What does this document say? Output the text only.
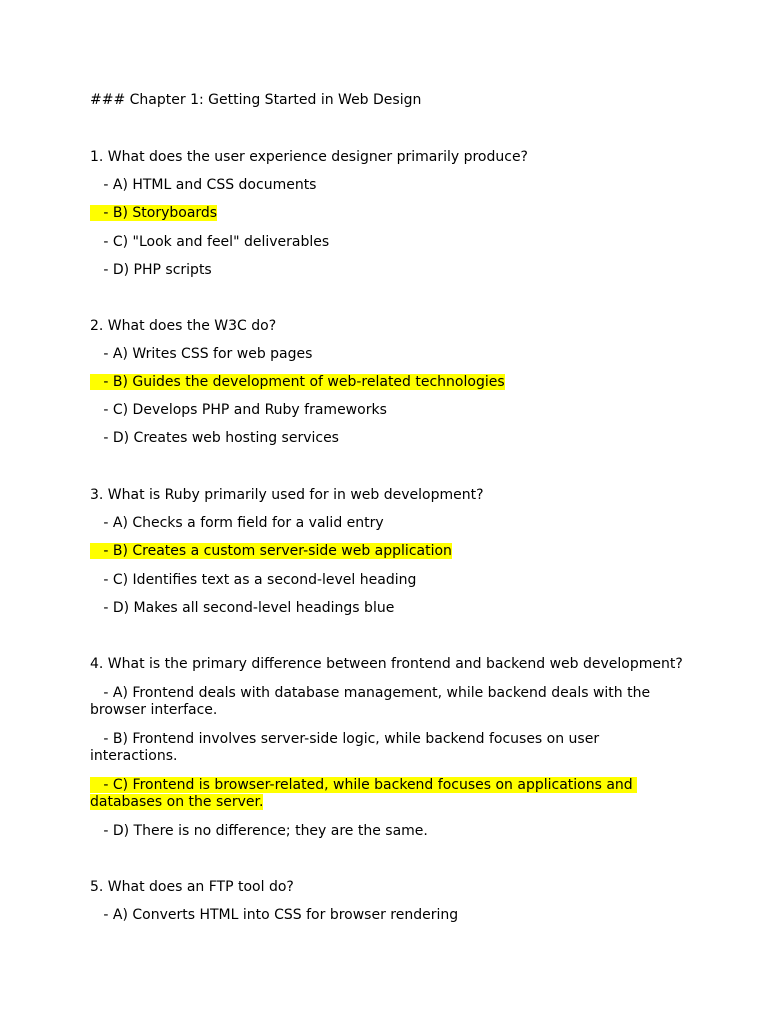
### Chapter 1: Getting Started in Web Design
1. What does the user experience designer primarily produce?
- A) HTML and CSS documents
- B) Storyboards
- C) "Look and feel" deliverables
- D) PHP scripts
2. What does the W3C do?
- A) Writes CSS for web pages
- B) Guides the development of web-related technologies
- C) Develops PHP and Ruby frameworks
- D) Creates web hosting services
3. What is Ruby primarily used for in web development?
- A) Checks a form field for a valid entry
- B) Creates a custom server-side web application
- C) Identifies text as a second-level heading
- D) Makes all second-level headings blue
4. What is the primary difference between frontend and backend web development?
- A) Frontend deals with database management, while backend deals with the browser interface.
- B) Frontend involves server-side logic, while backend focuses on user interactions.
- C) Frontend is browser-related, while backend focuses on applications and databases on the server.
- D) There is no difference; they are the same.
5. What does an FTP tool do?
- A) Converts HTML into CSS for browser rendering
